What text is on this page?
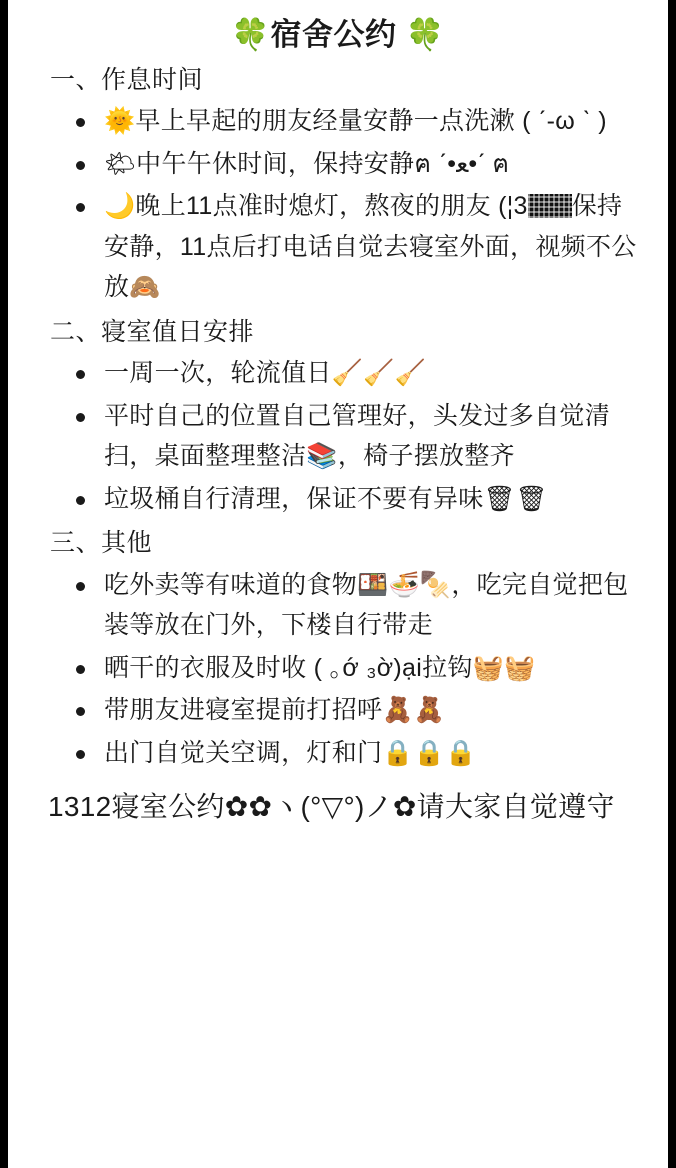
🍀宿舍公约 🍀
一、作息时间
🌞早上早起的朋友经量安静一点洗漱 ( ˊ-ω ˋ )
🌤中午午休时间，保持安静ฅ ˊ•ﻌ•ˊ ฅ
🌙晚上11点准时熄灯，熬夜的朋友 (¦3 保持安静，11点后打电话自觉去寝室外面，视频不公放🙈
二、寝室值日安排
一周一次，轮流值日🧹🧹🧹
平时自己的位置自己管理好，头发过多自觉清扫，桌面整理整洁📚，椅子摆放整齐
垃圾桶自行清理，保证不要有异味🗑🗑
三、其他
吃外卖等有味道的食物🍱🍜🍢，吃完自觉把包装等放在门外，下楼自行带走
晒干的衣服及时收 ( ｡ớ ₃ờ)ại拉钩🧺🧺
带朋友进寝室提前打招呼🧸🧸
出门自觉关空调，灯和门🔒🔒🔒
1312寝室公约✿✿ヽ(°▽°)ノ✿请大家自觉遵守
